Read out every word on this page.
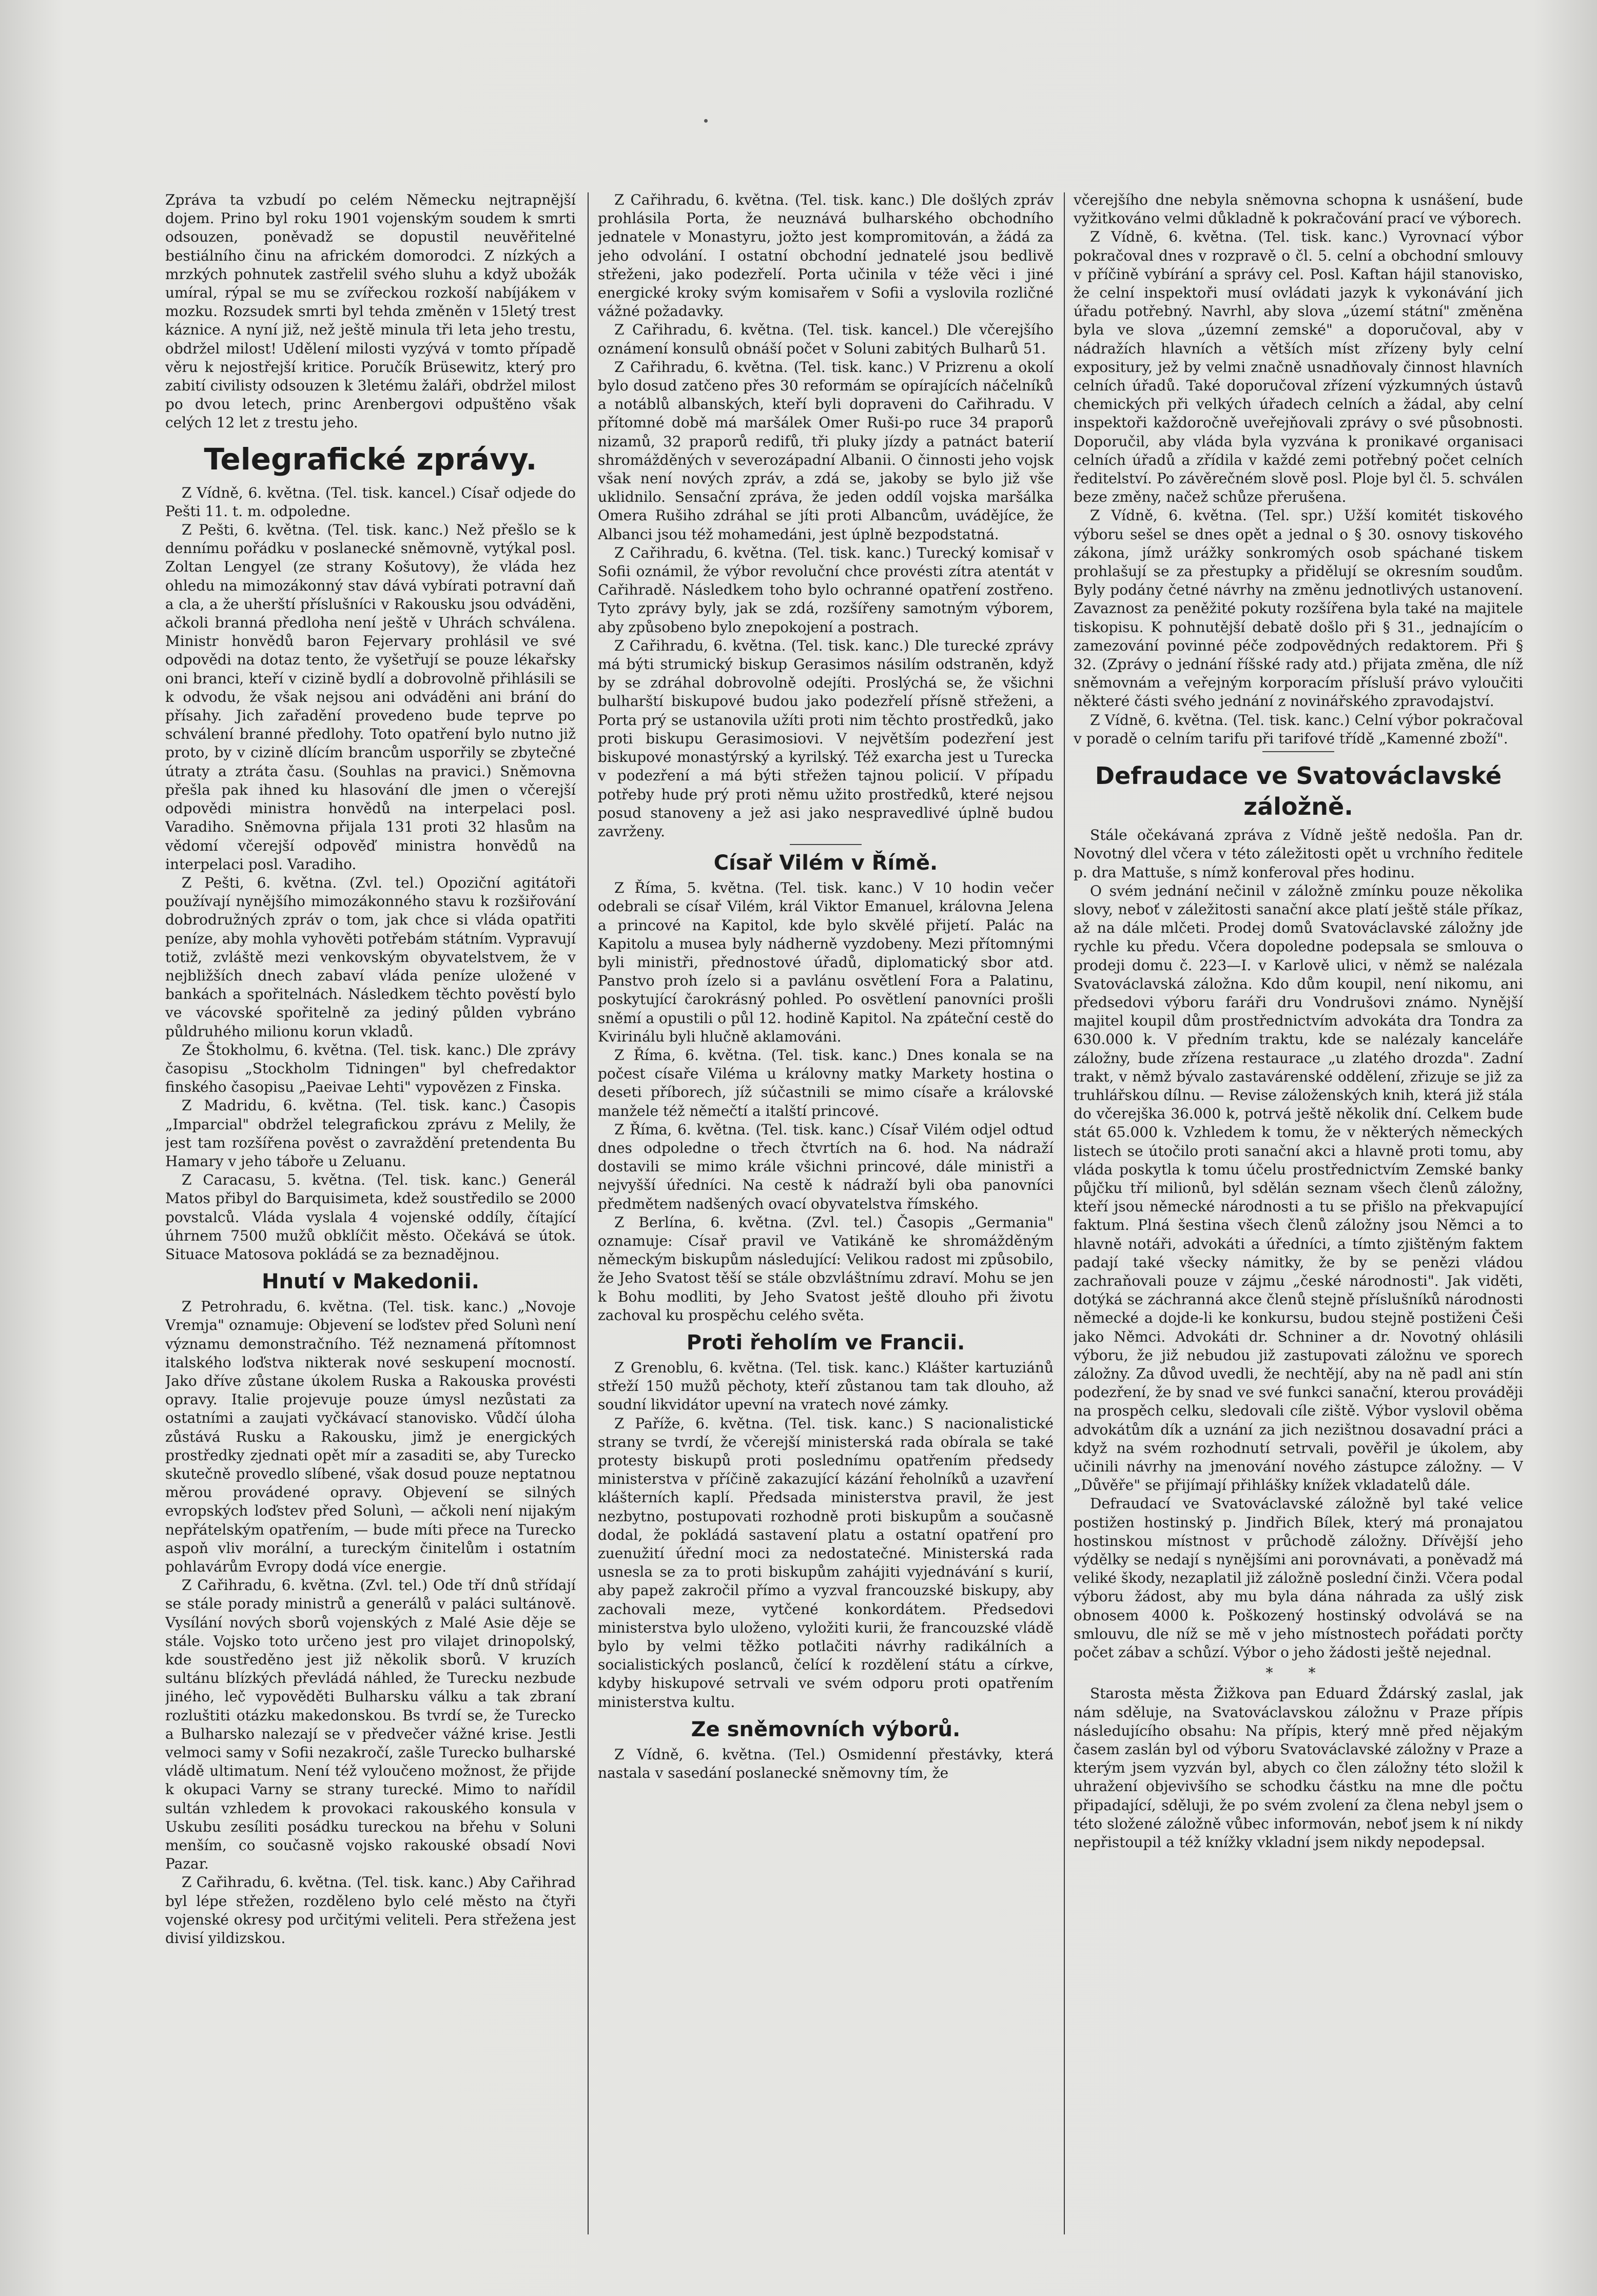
Zpráva ta vzbudí po celém Německu nejtrapnější dojem. Prino byl roku 1901 vojenským soudem k smrti odsouzen, poněvadž se dopustil neuvěřitelné bestiálního činu na africkém domorodci. Z nízkých a mrzkých pohnutek zastřelil svého sluhu a když ubožák umíral, rýpal se mu se zvířeckou rozkoší nabíjákem v mozku. Rozsudek smrti byl tehda změněn v 15letý trest káznice. A nyní již, než ještě minula tři leta jeho trestu, obdržel milost! Udělení milosti vyzývá v tomto případě věru k nejostřejší kritice. Poručík Brüsewitz, který pro zabití civilisty odsouzen k 3letému žaláři, obdržel milost po dvou letech, princ Arenbergovi odpuštěno však celých 12 let z trestu jeho.

Telegrafické zprávy.

Z Vídně, 6. května. (Tel. tisk. kancel.) Císař odjede do Pešti 11. t. m. odpoledne.

Z Pešti, 6. května. (Tel. tisk. kanc.) Než přešlo se k dennímu pořádku v poslanecké sněmovně, vytýkal posl. Zoltan Lengyel (ze strany Košutovy), že vláda hez ohledu na mimozákonný stav dává vybírati potravní daň a cla, a že uherští příslušníci v Rakousku jsou odváděni, ačkoli branná předloha není ještě v Uhrách schválena. Ministr honvědů baron Fejervary prohlásil ve své odpovědi na dotaz tento, že vyšetřují se pouze lékařsky oni branci, kteří v cizině bydlí a dobrovolně přihlásili se k odvodu, že však nejsou ani odváděni ani brání do přísahy. Jich zařadění provedeno bude teprve po schválení branné předlohy. Toto opatření bylo nutno již proto, by v cizině dlícím brancům usporřily se zbytečné útraty a ztráta času. (Souhlas na pravici.) Sněmovna přešla pak ihned ku hlasování dle jmen o včerejší odpovědi ministra honvědů na interpelaci posl. Varadiho. Sněmovna přijala 131 proti 32 hlasům na vědomí včerejší odpověď ministra honvědů na interpelaci posl. Varadiho.

Z Pešti, 6. května. (Zvl. tel.) Opoziční agitátoři používají nynějšího mimozákonného stavu k rozšiřování dobrodružných zpráv o tom, jak chce si vláda opatřiti peníze, aby mohla vyhověti potřebám státním. Vypravují totiž, zvláště mezi venkovským obyvatelstvem, že v nejbližších dnech zabaví vláda peníze uložené v bankách a spořitelnách. Následkem těchto pověstí bylo ve vácovské spořitelně za jediný půlden vybráno půldruhého milionu korun vkladů.

Ze Štokholmu, 6. května. (Tel. tisk. kanc.) Dle zprávy časopisu „Stockholm Tidningen" byl chefredaktor finského časopisu „Paeivae Lehti" vypovězen z Finska.

Z Madridu, 6. května. (Tel. tisk. kanc.) Časopis „Imparcial" obdržel telegrafickou zprávu z Melily, že jest tam rozšířena pověst o zavraždění pretendenta Bu Hamary v jeho táboře u Zeluanu.

Z Caracasu, 5. května. (Tel. tisk. kanc.) Generál Matos přibyl do Barquisimeta, kdež soustředilo se 2000 povstalců. Vláda vyslala 4 vojenské oddíly, čítající úhrnem 7500 mužů obklíčit město. Očekává se útok. Situace Matosova pokládá se za beznadějnou.

Hnutí v Makedonii.

Z Petrohradu, 6. května. (Tel. tisk. kanc.) „Novoje Vremja" oznamuje: Objevení se loďstev před Solunì není významu demonstračního. Též neznamená přítomnost italského loďstva nikterak nové seskupení mocností. Jako dříve zůstane úkolem Ruska a Rakouska provésti opravy. Italie projevuje pouze úmysl nezůstati za ostatními a zaujati vyčkávací stanovisko. Vůdčí úloha zůstává Rusku a Rakousku, jimž je energických prostředky zjednati opět mír a zasaditi se, aby Turecko skutečně provedlo slíbené, však dosud pouze neptatnou měrou provádené opravy. Objevení se silných evropských loďstev před Solunì, — ačkoli není nijakým nepřátelským opatřením, — bude míti přece na Turecko aspoň vliv morální, a tureckým činitelům i ostatním pohlavárům Evropy dodá více energie.

Z Cařihradu, 6. května. (Zvl. tel.) Ode tří dnů střídají se stále porady ministrů a generálů v paláci sultánově. Vysílání nových sborů vojenských z Malé Asie děje se stále. Vojsko toto určeno jest pro vilajet drinopolský, kde soustředěno jest již několik sborů. V kruzích sultánu blízkých převládá náhled, že Turecku nezbude jiného, leč vypověděti Bulharsku válku a tak zbraní rozluštiti otázku makedonskou. Bs tvrdí se, že Turecko a Bulharsko nalezají se v předvečer vážné krise. Jestli velmoci samy v Sofii nezakročí, zašle Turecko bulharské vládě ultimatum. Není též vyloučeno možnost, že přijde k okupaci Varny se strany turecké. Mimo to nařídil sultán vzhledem k provokaci rakouského konsula v Uskubu zesíliti posádku tureckou na břehu v Soluni menším, co současně vojsko rakouské obsadí Novi Pazar.

Z Cařihradu, 6. května. (Tel. tisk. kanc.) Aby Cařihrad byl lépe střežen, rozděleno bylo celé město na čtyři vojenské okresy pod určitými veliteli. Pera střežena jest divisí yildizskou.

Z Cařihradu, 6. května. (Tel. tisk. kanc.) Dle došlých zpráv prohlásila Porta, že neuznává bulharského obchodního jednatele v Monastyru, jožto jest kompromitován, a žádá za jeho odvolání. I ostatní obchodní jednatelé jsou bedlivě střeženi, jako podezřelí. Porta učinila v téže věci i jiné energické kroky svým komisařem v Sofii a vyslovila rozličné vážné požadavky.

Z Cařihradu, 6. května. (Tel. tisk. kancel.) Dle včerejšího oznámení konsulů obnáší počet v Soluni zabitých Bulharů 51.

Z Cařihradu, 6. května. (Tel. tisk. kanc.) V Prizrenu a okolí bylo dosud zatčeno přes 30 reformám se opírajících náčelníků a notáblů albanských, kteří byli dopraveni do Cařihradu. V přítomné době má maršálek Omer Ruši-po ruce 34 praporů nizamů, 32 praporů redifů, tři pluky jízdy a patnáct baterií shromážděných v severozápadní Albanii. O činnosti jeho vojsk však není nových zpráv, a zdá se, jakoby se bylo již vše uklidnilo. Sensační zpráva, že jeden oddíl vojska maršálka Omera Rušiho zdráhal se jíti proti Albancům, uvádějíce, že Albanci jsou též mohamedáni, jest úplně bezpodstatná.

Z Cařihradu, 6. května. (Tel. tisk. kanc.) Turecký komisař v Sofii oznámil, že výbor revoluční chce provésti zítra atentát v Cařihradě. Následkem toho bylo ochranné opatření zostřeno. Tyto zprávy byly, jak se zdá, rozšířeny samotným výborem, aby způsobeno bylo znepokojení a postrach.

Z Cařihradu, 6. května. (Tel. tisk. kanc.) Dle turecké zprávy má býti strumický biskup Gerasimos násilím odstraněn, když by se zdráhal dobrovolně odejíti. Proslýchá se, že všichni bulharští biskupové budou jako podezřelí přísně střeženi, a Porta prý se ustanovila užíti proti nim těchto prostředků, jako proti biskupu Gerasimosiovi. V největším podezření jest biskupové monastýrský a kyrilský. Též exarcha jest u Turecka v podezření a má býti střežen tajnou policií. V případu potřeby hude prý proti němu užito prostředků, které nejsou posud stanoveny a jež asi jako nespravedlivé úplně budou zavrženy.

Císař Vilém v Římě.

Z Říma, 5. května. (Tel. tisk. kanc.) V 10 hodin večer odebrali se císař Vilém, král Viktor Emanuel, královna Jelena a princové na Kapitol, kde bylo skvělé přijetí. Palác na Kapitolu a musea byly nádherně vyzdobeny. Mezi přítomnými byli ministři, přednostové úřadů, diplomatický sbor atd. Panstvo proh ízelo si a pavlánu osvětlení Fora a Palatinu, poskytující čarokrásný pohled. Po osvětlení panovníci prošli sněmí a opustili o půl 12. hodině Kapitol. Na zpáteční cestě do Kvirinálu byli hlučně aklamováni.

Z Říma, 6. května. (Tel. tisk. kanc.) Dnes konala se na počest císaře Viléma u královny matky Markety hostina o deseti příborech, jíž súčastnili se mimo císaře a královské manžele též němečtí a italští princové.

Z Říma, 6. května. (Tel. tisk. kanc.) Císař Vilém odjel odtud dnes odpoledne o třech čtvrtích na 6. hod. Na nádraží dostavili se mimo krále všichni princové, dále ministři a nejvyšší úředníci. Na cestě k nádraží byli oba panovníci předmětem nadšených ovací obyvatelstva římského.

Z Berlína, 6. května. (Zvl. tel.) Časopis „Germania" oznamuje: Císař pravil ve Vatikáně ke shromážděným německým biskupům následující: Velikou radost mi způsobilo, že Jeho Svatost těší se stále obzvláštnímu zdraví. Mohu se jen k Bohu modliti, by Jeho Svatost ještě dlouho při životu zachoval ku prospěchu celého světa.

Proti řeholím ve Francii.

Z Grenoblu, 6. května. (Tel. tisk. kanc.) Klášter kartuziánů střeží 150 mužů pěchoty, kteří zůstanou tam tak dlouho, až soudní likvidátor upevní na vratech nové zámky.

Z Paříže, 6. května. (Tel. tisk. kanc.) S nacionalistické strany se tvrdí, že včerejší ministerská rada obírala se také protesty biskupů proti poslednímu opatřením předsedy ministerstva v příčině zakazující kázání řeholníků a uzavření klášterních kaplí. Předsada ministerstva pravil, že jest nezbytno, postupovati rozhodně proti biskupům a současně dodal, že pokládá sastavení platu a ostatní opatření pro zuenužití úřední moci za nedostatečné. Ministerská rada usnesla se za to proti biskupům zahájiti vyjednávání s kurií, aby papež zakročil přímo a vyzval francouzské biskupy, aby zachovali meze, vytčené konkordátem. Předsedovi ministerstva bylo uloženo, vyložiti kurii, že francouzské vládě bylo by velmi těžko potlačiti návrhy radikálních a socialistických poslanců, čelící k rozdělení státu a církve, kdyby hiskupové setrvali ve svém odporu proti opatřením ministerstva kultu.

Ze sněmovních výborů.

Z Vídně, 6. května. (Tel.) Osmidenní přestávky, která nastala v sasedání poslanecké sněmovny tím, že

včerejšího dne nebyla sněmovna schopna k usnášení, bude vyžitkováno velmi důkladně k pokračování prací ve výborech.

Z Vídně, 6. května. (Tel. tisk. kanc.) Vyrovnací výbor pokračoval dnes v rozpravě o čl. 5. celní a obchodní smlouvy v příčině vybírání a správy cel. Posl. Kaftan hájil stanovisko, že celní inspektoři musí ovládati jazyk k vykonávání jich úřadu potřebný. Navrhl, aby slova „území státní" změněna byla ve slova „územní zemské" a doporučoval, aby v nádražích hlavních a větších míst zřízeny byly celní expositury, jež by velmi značně usnadňovaly činnost hlavních celních úřadů. Také doporučoval zřízení výzkumných ústavů chemických při velkých úřadech celních a žádal, aby celní inspektoři každoročně uveřejňovali zprávy o své působnosti. Doporučil, aby vláda byla vyzvána k pronikavé organisaci celních úřadů a zřídila v každé zemi potřebný počet celních ředitelství. Po závěrečném slově posl. Ploje byl čl. 5. schválen beze změny, načež schůze přerušena.

Z Vídně, 6. května. (Tel. spr.) Užší komitét tiskového výboru sešel se dnes opět a jednal o § 30. osnovy tiskového zákona, jímž urážky sonkromých osob spáchané tiskem prohlašují se za přestupky a přidělují se okresním soudům. Byly podány četné návrhy na změnu jednotlivých ustanovení. Zavaznost za peněžité pokuty rozšířena byla také na majitele tiskopisu. K pohnutější debatě došlo při § 31., jednajícím o zamezování povinné péče zodpovědných redaktorem. Při § 32. (Zprávy o jednání říšské rady atd.) přijata změna, dle níž sněmovnám a veřejným korporacím přísluší právo vyloučiti některé části svého jednání z novinářského zpravodajství.

Z Vídně, 6. května. (Tel. tisk. kanc.) Celní výbor pokračoval v poradě o celním tarifu při tarifové třídě „Kamenné zboží".

Defraudace ve Svatováclavské záložně.

Stále očekávaná zpráva z Vídně ještě nedošla. Pan dr. Novotný dlel včera v této záležitosti opět u vrchního ředitele p. dra Mattuše, s nímž konferoval přes hodinu.

O svém jednání nečinil v záložně zmínku pouze několika slovy, neboť v záležitosti sanační akce platí ještě stále příkaz, až na dále mlčeti. Prodej domů Svatováclavské záložny jde rychle ku předu. Včera dopoledne podepsala se smlouva o prodeji domu č. 223—I. v Karlově ulici, v němž se nalézala Svatováclavská záložna. Kdo dům koupil, není nikomu, ani předsedovi výboru faráři dru Vondrušovi známo. Nynější majitel koupil dům prostřednictvím advokáta dra Tondra za 630.000 k. V předním traktu, kde se nalézaly kanceláře záložny, bude zřízena restaurace „u zlatého drozda". Zadní trakt, v němž bývalo zastavárenské oddělení, zřizuje se již za truhlářskou dílnu. — Revise záloženských knih, která již stála do včerejška 36.000 k, potrvá ještě několik dní. Celkem bude stát 65.000 k. Vzhledem k tomu, že v některých německých listech se útočilo proti sanační akci a hlavně proti tomu, aby vláda poskytla k tomu účelu prostřednictvím Zemské banky půjčku tří milionů, byl sdělán seznam všech členů záložny, kteří jsou německé národnosti a tu se přišlo na překvapující faktum. Plná šestina všech členů záložny jsou Němci a to hlavně notáři, advokáti a úředníci, a tímto zjištěným faktem padají také všecky námitky, že by se penězi vládou zachraňovali pouze v zájmu „české národnosti". Jak viděti, dotýká se záchranná akce členů stejně příslušníků národnosti německé a dojde-li ke konkursu, budou stejně postiženi Češi jako Němci. Advokáti dr. Schniner a dr. Novotný ohlásili výboru, že již nebudou již zastupovati záložnu ve sporech záložny. Za důvod uvedli, že nechtějí, aby na ně padl ani stín podezření, že by snad ve své funkci sanační, kterou prováději na prospěch celku, sledovali cíle ziště. Výbor vyslovil oběma advokátům dík a uznání za jich nezištnou dosavadní práci a když na svém rozhodnutí setrvali, pověřil je úkolem, aby učinili návrhy na jmenování nového zástupce záložny. — V „Důvěře" se přijímají přihlášky knížek vkladatelů dále.

Defraudací ve Svatováclavské záložně byl také velice postižen hostinský p. Jindřich Bílek, který má pronajatou hostinskou místnost v průchodě záložny. Dřívější jeho výdělky se nedají s nynějšími ani porovnávati, a poněvadž má veliké škody, nezaplatil již záložně poslední činži. Včera podal výboru žádost, aby mu byla dána náhrada za ušlý zisk obnosem 4000 k. Poškozený hostinský odvolává se na smlouvu, dle níž se mě v jeho místnostech pořádati porčty počet zábav a schůzí. Výbor o jeho žádosti ještě nejednal.

* *

Starosta města Žižkova pan Eduard Ždárský zaslal, jak nám sděluje, na Svatováclavskou záložnu v Praze přípis následujícího obsahu: Na přípis, který mně před nějakým časem zaslán byl od výboru Svatováclavské záložny v Praze a kterým jsem vyzván byl, abych co člen záložny této složil k uhražení objevivšího se schodku částku na mne dle počtu připadající, sděluji, že po svém zvolení za člena nebyl jsem o této složené záložně vůbec informován, neboť jsem k ní nikdy nepřistoupil a též knížky vkladní jsem nikdy nepodepsal.
